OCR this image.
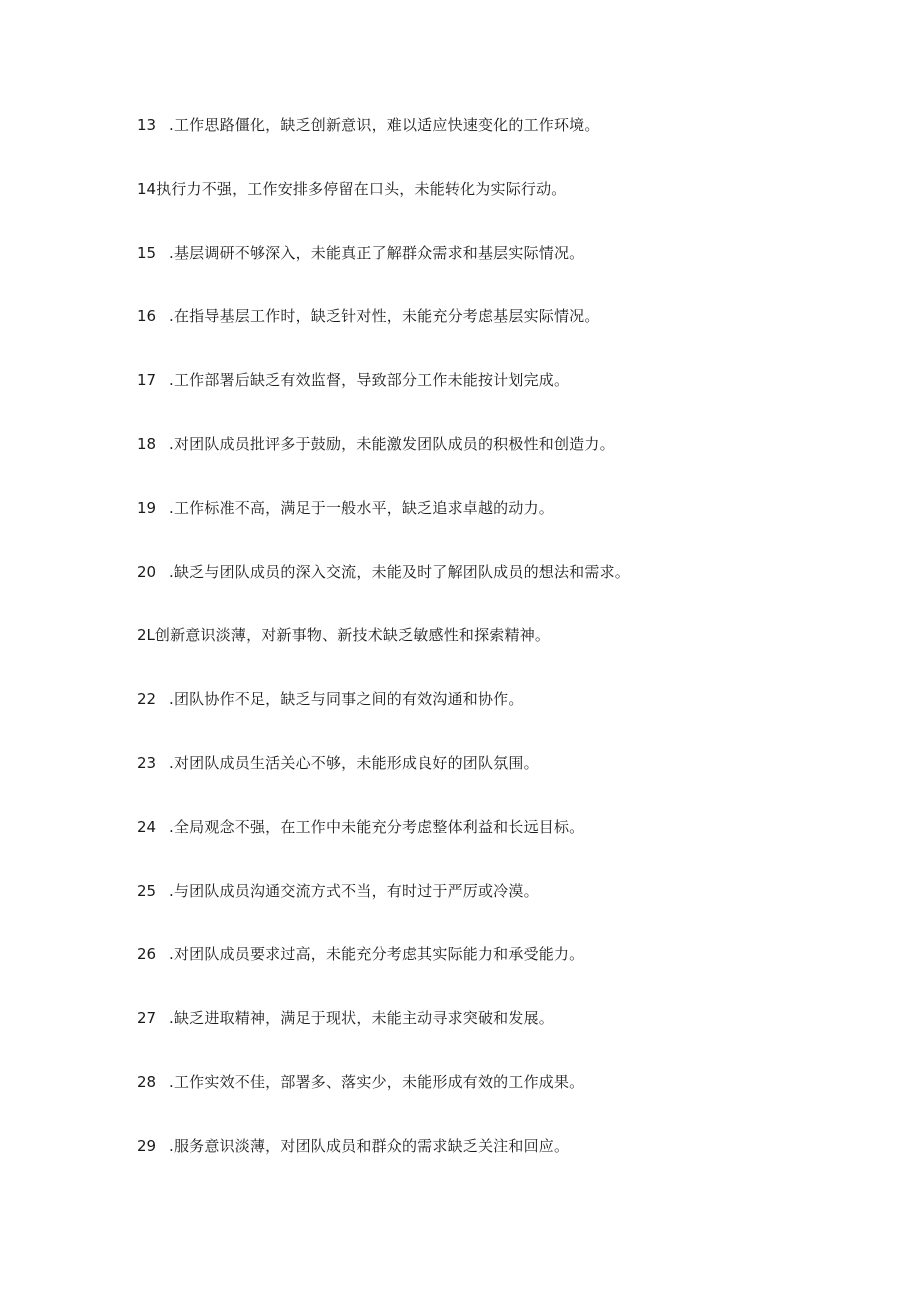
13 .工作思路僵化，缺乏创新意识，难以适应快速变化的工作环境。
14 执行力不强，工作安排多停留在口头，未能转化为实际行动。
15 .基层调研不够深入，未能真正了解群众需求和基层实际情况。
16 .在指导基层工作时，缺乏针对性，未能充分考虑基层实际情况。
17 .工作部署后缺乏有效监督，导致部分工作未能按计划完成。
18 .对团队成员批评多于鼓励，未能激发团队成员的积极性和创造力。
19 .工作标准不高，满足于一般水平，缺乏追求卓越的动力。
20 .缺乏与团队成员的深入交流，未能及时了解团队成员的想法和需求。
2L 创新意识淡薄，对新事物、新技术缺乏敏感性和探索精神。
22 .团队协作不足，缺乏与同事之间的有效沟通和协作。
23 .对团队成员生活关心不够，未能形成良好的团队氛围。
24 .全局观念不强，在工作中未能充分考虑整体利益和长远目标。
25 .与团队成员沟通交流方式不当，有时过于严厉或冷漠。
26 .对团队成员要求过高，未能充分考虑其实际能力和承受能力。
27 .缺乏进取精神，满足于现状，未能主动寻求突破和发展。
28 .工作实效不佳，部署多、落实少，未能形成有效的工作成果。
29 .服务意识淡薄，对团队成员和群众的需求缺乏关注和回应。
